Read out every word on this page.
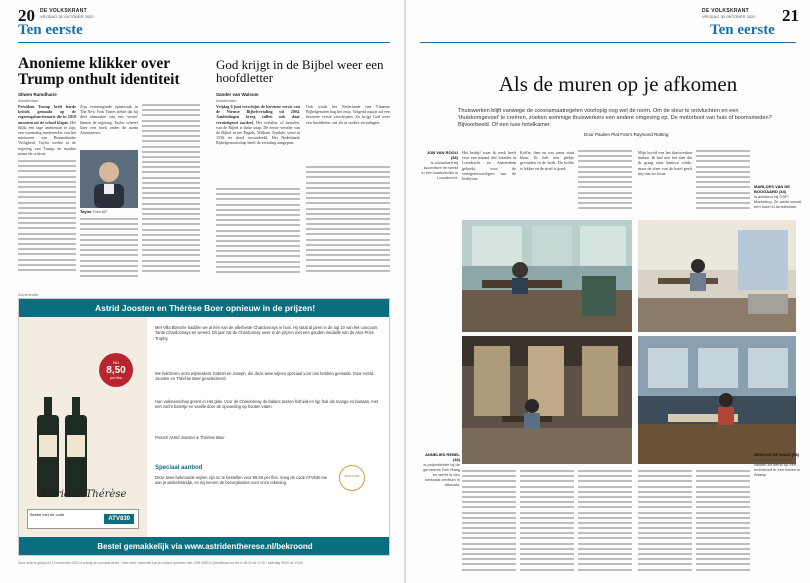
20 DE VOLKSKRANT
VRIJDAG 30 OKTOBER 2020
Ten eerste
Anonieme klikker over Trump onthult identiteit
Sliwen Ramdharie
Amsterdam
President Trump heeft harde kritiek gemaakt op de regeringsfunctionaris die in 2018 anoniem uit de school klapte. Het blijkt een lage ambtenaar te zijn, een voormalig medewerker van het ministerie van Binnenlandse Veiligheid. Taylor werkte in de regering van Trump en maakte naam als criticus.
Zijn vernietigende opiniestuk in The New York Times stelde dat hij deel uitmaakte van een 'verzet' binnen de regering. Taylor schreef later een boek onder de naam Anonymous.
Taylor Foto AP
God krijgt in de Bijbel weer een hoofdletter
Sander van Walsum
Amsterdam
Vrijdag 6 juni verschijnt de herziene versie van de Nieuwe Bijbelvertaling uit 2004. Aanleidingen kreeg zullen ook daar vernietigend oordeel. Het vertalen, of hertalen, van de Bijbel is finke snap. De eerste vertaler van de Bijbel in het Engels, William Tyndale, werd in 1536 ter dood veroordeeld. Het Nederlands Bijbelgenootschap heeft de vertaling aangepast.
Ook wordt het Nederlands van Vlaamse Bijbelgenoten hag het erop. Volgend najaar zal een herziene versie verschijnen. Zo krijgt God weer een hoofdletter, net als in oudere vertalingen.
Advertentie
Astrid Joosten en Thérèse Boer opnieuw in de prijzen!
NU
8,50
per fles
Astrid & Thérèse
Bestel met de code
ATV830
Met Villa Blanche hadden we al één van de allerbeste Chardonnays in huis. Hij staat al jaren in de top 10 van het concours Tante Chardonnays ter wereld. Dit jaar zat de Chardonnay weer in de prijzen met een gouden medaille van de Atos Prize Trophy.
We feliciteren onze wijnmakers Gabriel en Joseph, die deze twee wijnen speciaal voor ons hebben gemaakt. Door Astrid Joosten en Thérèse Boer geselecteerd.
Hun vakmanschap grenst in Het glas. Voor de Chardonnay de balans tussen frisheid en rijp fruit als mango en banaan, met een zacht botertje en vanille door de opvoeding op houten vaten.
Proost! Astrid Joosten & Thérèse Boer
Speciaal aanbod
Deze twee bekroonde wijnen zijn nu te bestellen voor €8,50 per fles. Voeg de code ATV830 toe aan je winkelmandje, en wij nemen de bezorgkosten voor onze rekening.
PRIX D'OR
Bestel gemakkelijk via www.astridentherese.nl/bekroond
Deze actie is geldig t/m 13 november 2020 of zolang de voorraad strekt · Voor meer informatie kun je contact opnemen met 0299 405010 (bereikbaar ma t/m vr 08:30 tot 17:00 / zaterdag 09:00 tot 13:00)
DE VOLKSKRANT
VRIJDAG 30 OKTOBER 2020 21
Ten eerste
Als de muren op je afkomen
Thuiswerken blijft vanwege de coronamaatregelen voorlopig nog wel de norm. Om de sleur te ontvluchten en een 'thuiskomgevoel' te creëren, zoeken sommige thuiswerkers een andere omgeving op. De motorboot van huis of boomsmeden? Bijvoorbeeld. Of een luxe hotelkamer.
Door Paulien Plat Foto's Raymond Rutting
JOB VAN ROOIJ (33)
is consultant bij Accenture en werkt in een kantoorvilla in Loosdrecht.
Het bedrijf waar ik werk heeft voor een maand drie lokaties in Loosdrecht en Amsterdam geboekt, voor de vertegenwoordigers van de bedrijven.
Koffie, thee en wat water staat klaar. Ik heb een plekje gevonden in de hoek. De koffie is lekker en de stoel is goed.
Mijn hoofd ven het thuiswerken maken. Ik had niet het idee dat ik graag naar kantoor wilde, maar de sfeer van de hotel geeft mij rust en focus.
MARLOES VAN DE BOOGAARD (34)
is adviseur bij GSP-Marketing. Ze werkt vanuit een hotel in Amsterdam.
ANNELIES REBEL (34)
is projectleider bij de gemeente Den Haag en werkt in een kerkzaal centrum in Alkmaar.
ARNOUD DE HAAN (58)
is salesconsultant bij Nelsen en werkt op een motorboot in een haven in Weesp.
